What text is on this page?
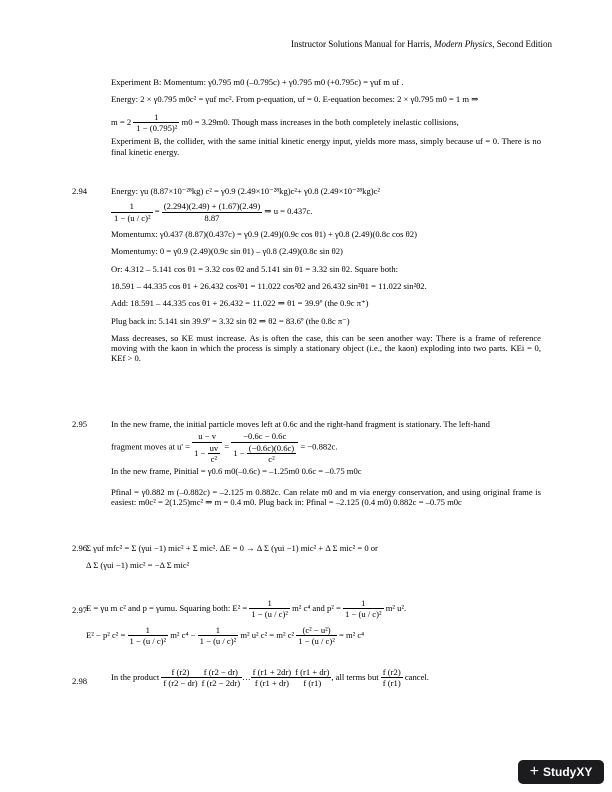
Instructor Solutions Manual for Harris, Modern Physics, Second Edition
Experiment B: Momentum: γ0.795 m0 (–0.795c) + γ0.795 m0 (+0.795c) = γuf m uf .
Energy: 2 × γ0.795 m0c² = γuf mc². From p-equation, uf = 0. E-equation becomes: 2 × γ0.795 m0 = 1 m ⇒
$m = 2 \frac{1}{\text{1 − (0.795)²}} m0 = 3.29m0$. Though mass increases in the both completely inelastic collisions,
Experiment B, the collider, with the same initial kinetic energy input, yields more mass, simply because uf = 0. There is no final kinetic energy.
2.94	Energy: γu (8.87×10⁻²⁸kg) c² = γ0.9 (2.49×10⁻²⁸kg)c²+ γ0.8 (2.49×10⁻²⁸kg)c²
$\frac{1}{\text{1 − (u / c)²}} = \frac{(2.294)(2.49) + (1.67)(2.49)}{8.87}$ ⇒ u = 0.437c.
Momentumx: γ0.437 (8.87)(0.437c) = γ0.9 (2.49)(0.9c cos θ1) + γ0.8 (2.49)(0.8c cos θ2)
Momentumy: 0 = γ0.9 (2.49)(0.9c sin θ1) – γ0.8 (2.49)(0.8c sin θ2)
Or: 4.312 – 5.141 cos θ1 = 3.32 cos θ2 and 5.141 sin θ1 = 3.32 sin θ2. Square both:
18.591 – 44.335 cos θ1 + 26.432 cos²θ1 = 11.022 cos²θ2 and 26.432 sin²θ1 = 11.022 sin²θ2.
Add: 18.591 – 44.335 cos θ1 + 26.432 = 11.022 ⇒ θ1 = 39.9º (the 0.9c π⁺)
Plug back in: 5.141 sin 39.9º = 3.32 sin θ2 ⇒ θ2 = 83.6º (the 0.8c π⁻)
Mass decreases, so KE must increase. As is often the case, this can be seen another way: There is a frame of reference moving with the kaon in which the process is simply a stationary object (i.e., the kaon) exploding into two parts. KEi = 0, KEf > 0.
2.95	In the new frame, the initial particle moves left at 0.6c and the right-hand fragment is stationary. The left-hand
fragment moves at $u' = \frac{u - v}{1 - \frac{uv}{\text{c²}}} = \frac{-0.6c - 0.6c}{1 - \frac{(-0.6c)(0.6c)}{\text{c²}}} = -0.882c$.
In the new frame, Pinitial = γ0.6 m0(–0.6c) = –1.25m0 0.6c = –0.75 m0c
Pfinal = γ0.882 m (–0.882c) = –2.125 m 0.882c. Can relate m0 and m via energy conservation, and using original frame is easiest: m0c² = 2(1.25)mc² ⇒ m = 0.4 m0. Plug back in: Pfinal = –2.125 (0.4 m0) 0.882c = –0.75 m0c
2.96
Σ γuf mfc² = Σ (γui −1) mic² + Σ mic². ΔE = 0 → Δ Σ (γui −1) mic² + Δ Σ mic² = 0 or
Δ Σ (γui −1) mic² = −Δ Σ mic²
2.97
E = γu m c² and p = γumu. Squaring both: $E^2 = \frac{1}{\text{1 − (u / c)²}} m^2$ c⁴ and $p^2 = \frac{1}{\text{1 − (u / c)²}} m^2$ u².
E² − p² $c^2 = \frac{1}{\text{1 − (u / c)²}} m^2$ $c^4 - \frac{1}{\text{1 − (u / c)²}} m^2$ u² c² = m² $c^2 \frac{\text{(c² − u²)}}{\text{1 − (u / c)²}} = m^2$ c⁴
2.98	In the product $\frac{f (r2)}{f (r2 - dr)} \frac{f (r2 - dr)}{f (r2 - 2dr)}$ … $\frac{f (r1 + 2dr)}{f (r1 + dr)} \frac{f (r1 + dr)}{f (r1)}$ , all terms but $\frac{f (r2)}{f (r1)}$ cancel.
+ StudyXY
